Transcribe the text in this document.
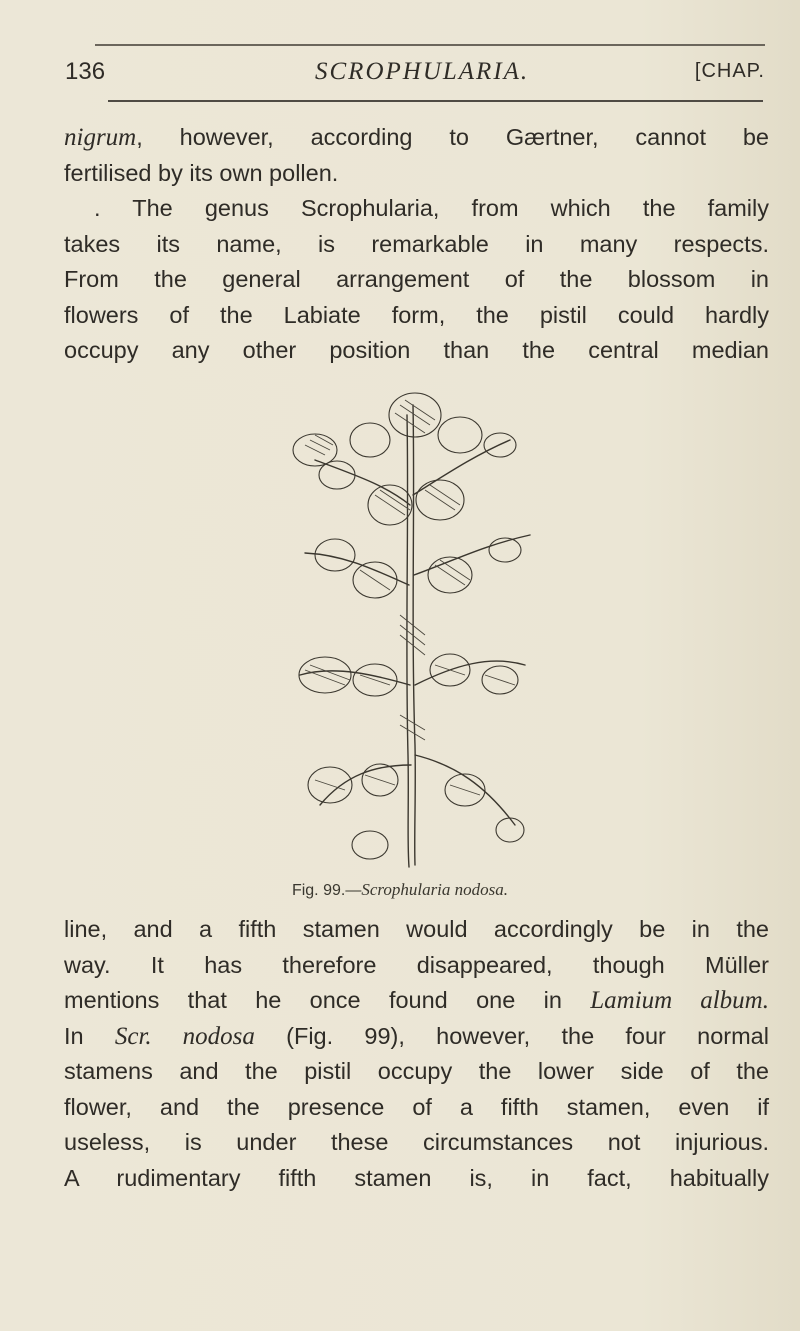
136	SCROPHULARIA.	[CHAP.
nigrum, however, according to Gærtner, cannot be
fertilised by its own pollen.
. The genus Scrophularia, from which the family
takes its name, is remarkable in many respects.
From the general arrangement of the blossom in
flowers of the Labiate form, the pistil could hardly
occupy any other position than the central median
Fig. 99.—Scrophularia nodosa.
line, and a fifth stamen would accordingly be in the
way. It has therefore disappeared, though Müller
mentions that he once found one in Lamium album.
In Scr. nodosa (Fig. 99), however, the four normal
stamens and the pistil occupy the lower side of the
flower, and the presence of a fifth stamen, even if
useless, is under these circumstances not injurious.
A rudimentary fifth stamen is, in fact, habitually
